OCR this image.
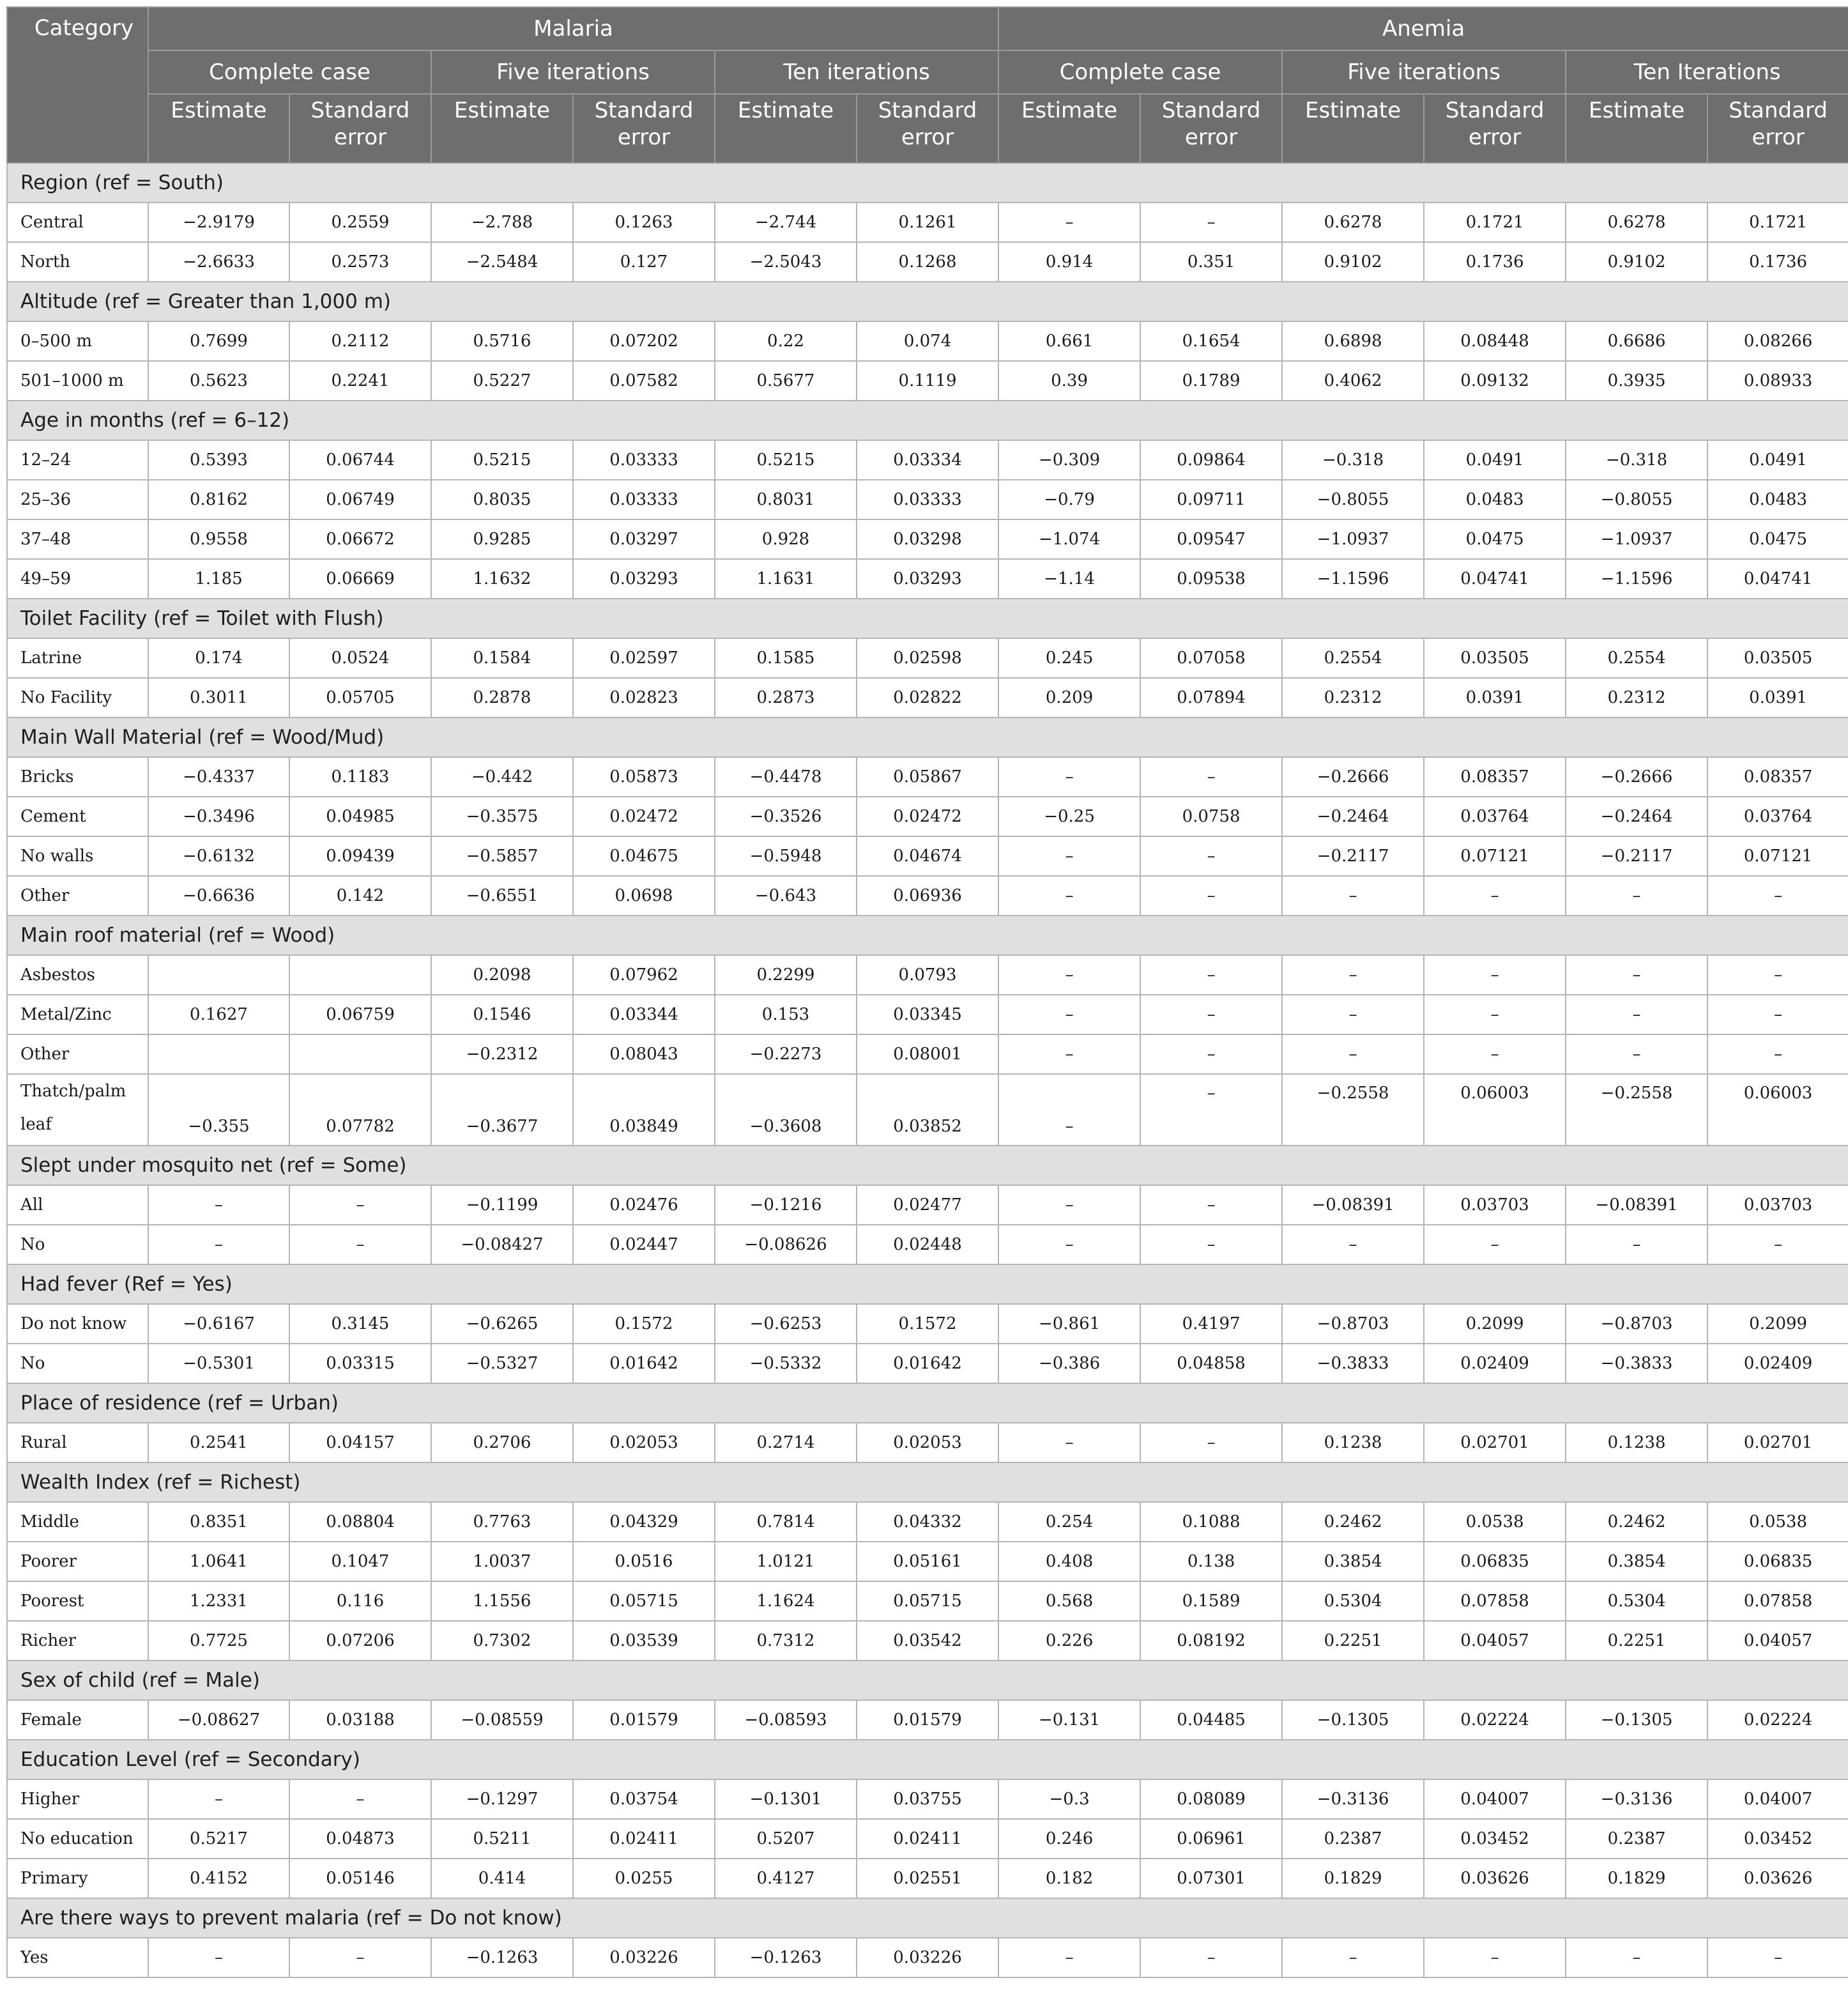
Category	Malaria						Anemia					
	Complete case		Five iterations		Ten iterations		Complete case		Five iterations		Ten Iterations	
	Estimate	Standard error	Estimate	Standard error	Estimate	Standard error	Estimate	Standard error	Estimate	Standard error	Estimate	Standard error
Region (ref = South)												
Central	−2.9179	0.2559	−2.788	0.1263	−2.744	0.1261	–	–	0.6278	0.1721	0.6278	0.1721
North	−2.6633	0.2573	−2.5484	0.127	−2.5043	0.1268	0.914	0.351	0.9102	0.1736	0.9102	0.1736
Altitude (ref = Greater than 1,000 m)												
0–500 m	0.7699	0.2112	0.5716	0.07202	0.22	0.074	0.661	0.1654	0.6898	0.08448	0.6686	0.08266
501–1000 m	0.5623	0.2241	0.5227	0.07582	0.5677	0.1119	0.39	0.1789	0.4062	0.09132	0.3935	0.08933
Age in months (ref = 6–12)												
12–24	0.5393	0.06744	0.5215	0.03333	0.5215	0.03334	−0.309	0.09864	−0.318	0.0491	−0.318	0.0491
25–36	0.8162	0.06749	0.8035	0.03333	0.8031	0.03333	−0.79	0.09711	−0.8055	0.0483	−0.8055	0.0483
37–48	0.9558	0.06672	0.9285	0.03297	0.928	0.03298	−1.074	0.09547	−1.0937	0.0475	−1.0937	0.0475
49–59	1.185	0.06669	1.1632	0.03293	1.1631	0.03293	−1.14	0.09538	−1.1596	0.04741	−1.1596	0.04741
Toilet Facility (ref = Toilet with Flush)												
Latrine	0.174	0.0524	0.1584	0.02597	0.1585	0.02598	0.245	0.07058	0.2554	0.03505	0.2554	0.03505
No Facility	0.3011	0.05705	0.2878	0.02823	0.2873	0.02822	0.209	0.07894	0.2312	0.0391	0.2312	0.0391
Main Wall Material (ref = Wood/Mud)												
Bricks	−0.4337	0.1183	−0.442	0.05873	−0.4478	0.05867	–	–	−0.2666	0.08357	−0.2666	0.08357
Cement	−0.3496	0.04985	−0.3575	0.02472	−0.3526	0.02472	−0.25	0.0758	−0.2464	0.03764	−0.2464	0.03764
No walls	−0.6132	0.09439	−0.5857	0.04675	−0.5948	0.04674	–	–	−0.2117	0.07121	−0.2117	0.07121
Other	−0.6636	0.142	−0.6551	0.0698	−0.643	0.06936	–	–	–	–	–	–
Main roof material (ref = Wood)												
Asbestos			0.2098	0.07962	0.2299	0.0793	–	–	–	–	–	–
Metal/Zinc	0.1627	0.06759	0.1546	0.03344	0.153	0.03345	–	–	–	–	–	–
Other			−0.2312	0.08043	−0.2273	0.08001	–	–	–	–	–	–
Thatch/palm leaf	−0.355	0.07782	−0.3677	0.03849	−0.3608	0.03852	–	–	−0.2558	0.06003	−0.2558	0.06003
Slept under mosquito net (ref = Some)												
All	–	–	−0.1199	0.02476	−0.1216	0.02477	–	–	−0.08391	0.03703	−0.08391	0.03703
No	–	–	−0.08427	0.02447	−0.08626	0.02448	–	–	–	–	–	–
Had fever (Ref = Yes)												
Do not know	−0.6167	0.3145	−0.6265	0.1572	−0.6253	0.1572	−0.861	0.4197	−0.8703	0.2099	−0.8703	0.2099
No	−0.5301	0.03315	−0.5327	0.01642	−0.5332	0.01642	−0.386	0.04858	−0.3833	0.02409	−0.3833	0.02409
Place of residence (ref = Urban)												
Rural	0.2541	0.04157	0.2706	0.02053	0.2714	0.02053	–	–	0.1238	0.02701	0.1238	0.02701
Wealth Index (ref = Richest)												
Middle	0.8351	0.08804	0.7763	0.04329	0.7814	0.04332	0.254	0.1088	0.2462	0.0538	0.2462	0.0538
Poorer	1.0641	0.1047	1.0037	0.0516	1.0121	0.05161	0.408	0.138	0.3854	0.06835	0.3854	0.06835
Poorest	1.2331	0.116	1.1556	0.05715	1.1624	0.05715	0.568	0.1589	0.5304	0.07858	0.5304	0.07858
Richer	0.7725	0.07206	0.7302	0.03539	0.7312	0.03542	0.226	0.08192	0.2251	0.04057	0.2251	0.04057
Sex of child (ref = Male)												
Female	−0.08627	0.03188	−0.08559	0.01579	−0.08593	0.01579	−0.131	0.04485	−0.1305	0.02224	−0.1305	0.02224
Education Level (ref = Secondary)												
Higher	–	–	−0.1297	0.03754	−0.1301	0.03755	−0.3	0.08089	−0.3136	0.04007	−0.3136	0.04007
No education	0.5217	0.04873	0.5211	0.02411	0.5207	0.02411	0.246	0.06961	0.2387	0.03452	0.2387	0.03452
Primary	0.4152	0.05146	0.414	0.0255	0.4127	0.02551	0.182	0.07301	0.1829	0.03626	0.1829	0.03626
Are there ways to prevent malaria (ref = Do not know)												
Yes	–	–	−0.1263	0.03226	−0.1263	0.03226	–	–	–	–	–	–
